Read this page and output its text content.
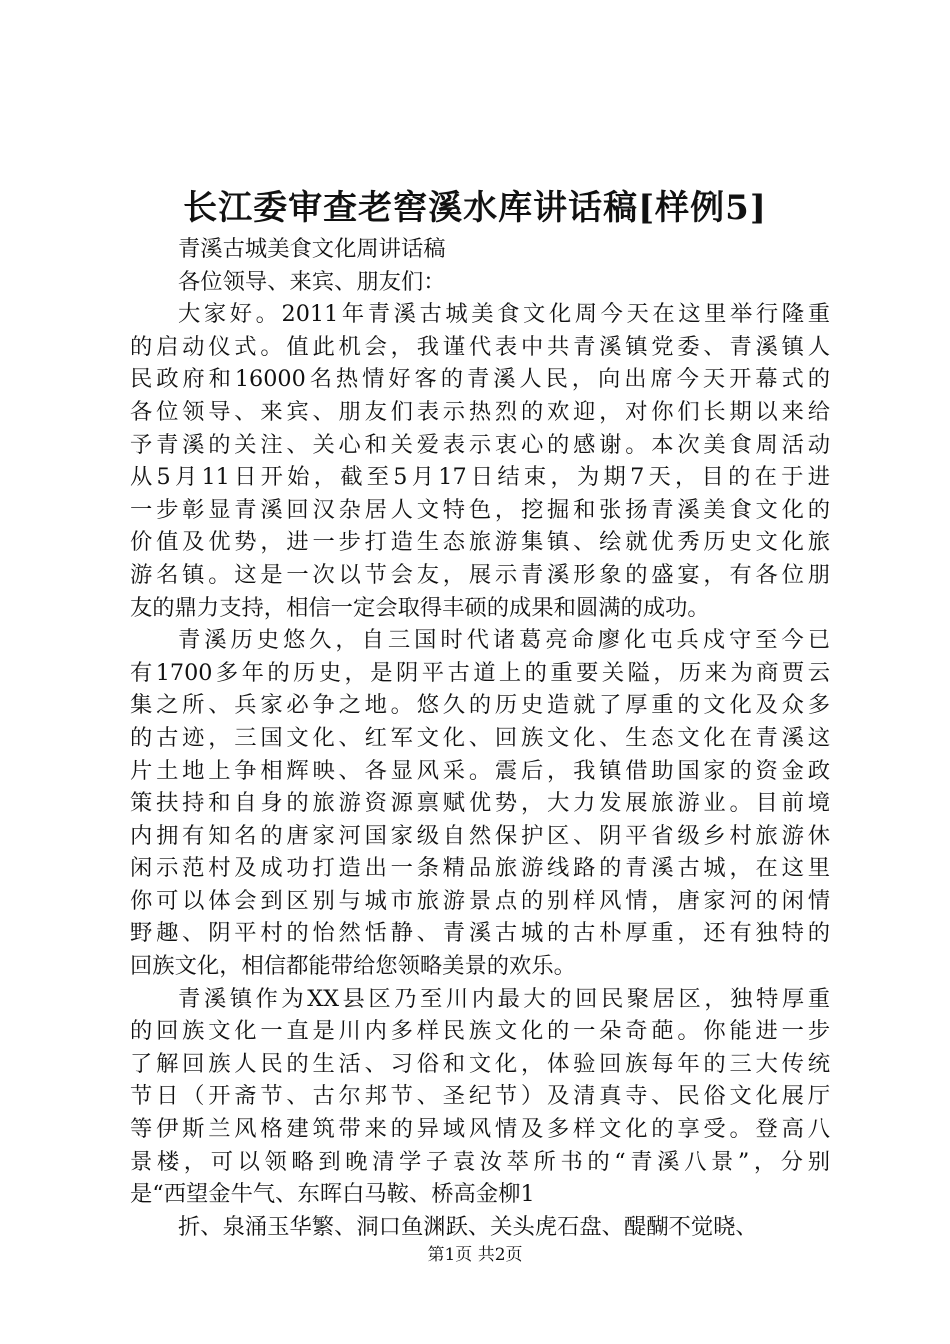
长江委审查老窖溪水库讲话稿[样例5]
青溪古城美食文化周讲话稿
各位领导、来宾、朋友们：
大家好。2011年青溪古城美食文化周今天在这里举行隆重
的启动仪式。值此机会，我谨代表中共青溪镇党委、青溪镇人
民政府和16000名热情好客的青溪人民，向出席今天开幕式的
各位领导、来宾、朋友们表示热烈的欢迎，对你们长期以来给
予青溪的关注、关心和关爱表示衷心的感谢。本次美食周活动
从5月11日开始，截至5月17日结束，为期7天，目的在于进
一步彰显青溪回汉杂居人文特色，挖掘和张扬青溪美食文化的
价值及优势，进一步打造生态旅游集镇、绘就优秀历史文化旅
游名镇。这是一次以节会友，展示青溪形象的盛宴，有各位朋
友的鼎力支持，相信一定会取得丰硕的成果和圆满的成功。
青溪历史悠久，自三国时代诸葛亮命廖化屯兵戍守至今已
有1700多年的历史，是阴平古道上的重要关隘，历来为商贾云
集之所、兵家必争之地。悠久的历史造就了厚重的文化及众多
的古迹，三国文化、红军文化、回族文化、生态文化在青溪这
片土地上争相辉映、各显风采。震后，我镇借助国家的资金政
策扶持和自身的旅游资源禀赋优势，大力发展旅游业。目前境
内拥有知名的唐家河国家级自然保护区、阴平省级乡村旅游休
闲示范村及成功打造出一条精品旅游线路的青溪古城，在这里
你可以体会到区别与城市旅游景点的别样风情，唐家河的闲情
野趣、阴平村的怡然恬静、青溪古城的古朴厚重，还有独特的
回族文化，相信都能带给您领略美景的欢乐。
青溪镇作为XX县区乃至川内最大的回民聚居区，独特厚重
的回族文化一直是川内多样民族文化的一朵奇葩。你能进一步
了解回族人民的生活、习俗和文化，体验回族每年的三大传统
节日（开斋节、古尔邦节、圣纪节）及清真寺、民俗文化展厅
等伊斯兰风格建筑带来的异域风情及多样文化的享受。登高八
景楼，可以领略到晚清学子袁汝萃所书的“青溪八景”，分别
是“西望金牛气、东晖白马鞍、桥高金柳1
折、泉涌玉华繁、洞口鱼渊跃、关头虎石盘、醍醐不觉晓、
第1页 共2页
